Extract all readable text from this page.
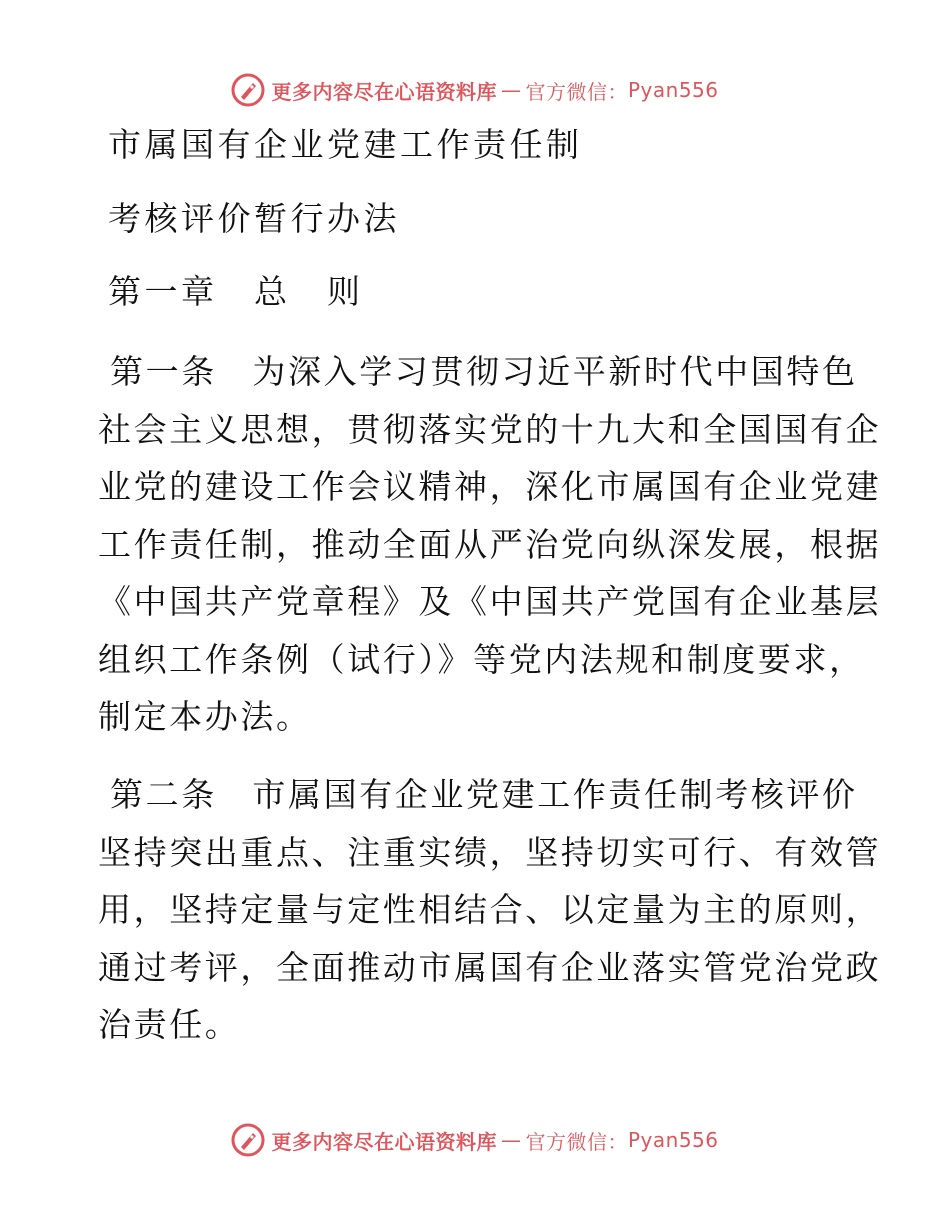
更多内容尽在心语资料库 — 官方微信： Pyan556
市属国有企业党建工作责任制
考核评价暂行办法
第一章　总　则
第一条　为深入学习贯彻习近平新时代中国特色
社会主义思想，贯彻落实党的十九大和全国国有企
业党的建设工作会议精神，深化市属国有企业党建
工作责任制，推动全面从严治党向纵深发展，根据
《中国共产党章程》及《中国共产党国有企业基层
组织工作条例（试行）》等党内法规和制度要求，
制定本办法。
第二条　市属国有企业党建工作责任制考核评价
坚持突出重点、注重实绩，坚持切实可行、有效管
用，坚持定量与定性相结合、以定量为主的原则，
通过考评，全面推动市属国有企业落实管党治党政
治责任。
更多内容尽在心语资料库 — 官方微信： Pyan556
